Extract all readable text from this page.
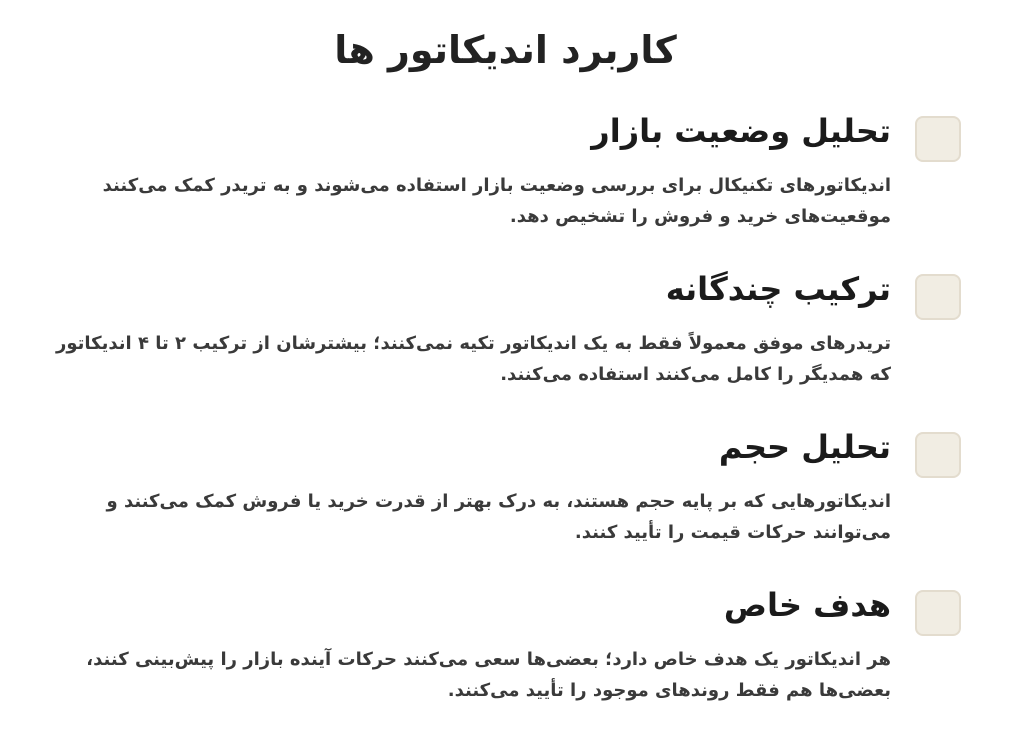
کاربرد اندیکاتور ها
تحلیل وضعیت بازار

اندیکاتورهای تکنیکال برای بررسی وضعیت بازار استفاده می‌شوند و به تریدر کمک می‌کنند موقعیت‌های خرید و فروش را تشخیص دهد.

ترکیب چندگانه

تریدرهای موفق معمولاً فقط به یک اندیکاتور تکیه نمی‌کنند؛ بیشترشان از ترکیب ۲ تا ۴ اندیکاتور که همدیگر را کامل می‌کنند استفاده می‌کنند.

تحلیل حجم

اندیکاتورهایی که بر پایه حجم هستند، به درک بهتر از قدرت خرید یا فروش کمک می‌کنند و می‌توانند حرکات قیمت را تأیید کنند.

هدف خاص

هر اندیکاتور یک هدف خاص دارد؛ بعضی‌ها سعی می‌کنند حرکات آینده بازار را پیش‌بینی کنند، بعضی‌ها هم فقط روندهای موجود را تأیید می‌کنند.
